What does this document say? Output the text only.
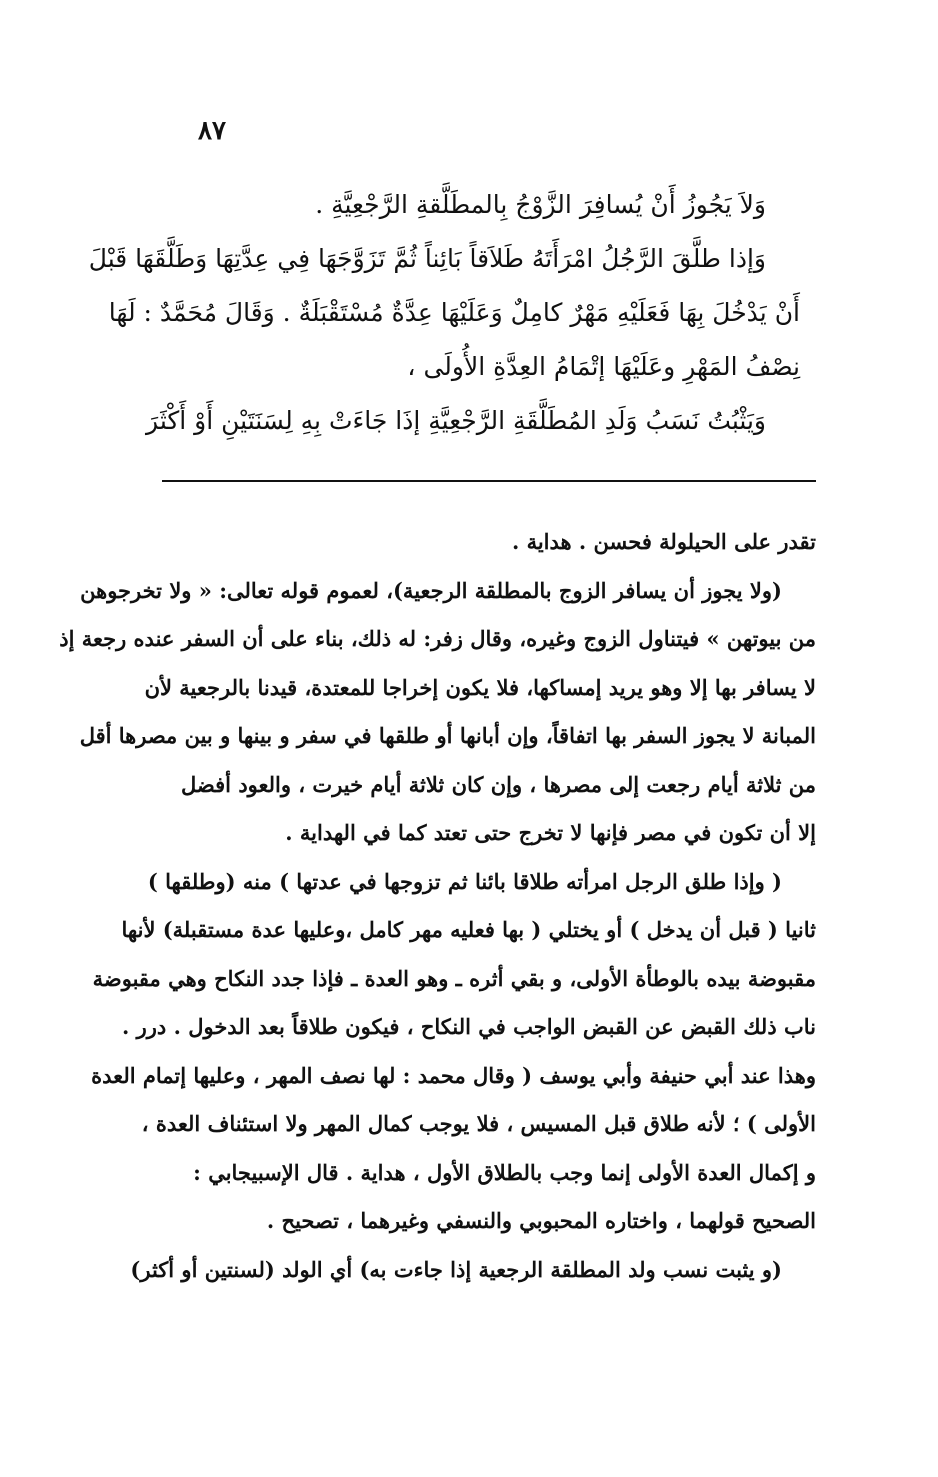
٨٧
وَلاَ يَجُوزُ أَنْ يُسافِرَ الزَّوْجُ بِالمطَلَّقةِ الرَّجْعِيَّةِ .
وَإذا طلَّقَ الرَّجُلُ امْرَأَتَهُ طَلاَقاً بَائِناً ثُمَّ تَزَوَّجَهَا فِي عِدَّتِهَا وَطَلَّقَهَا قَبْلَ
أَنْ يَدْخُلَ بِهَا فَعَلَيْهِ مَهْرٌ كامِلٌ وَعَلَيْهَا عِدَّةٌ مُسْتَقْبَلَةٌ . وَقَالَ مُحَمَّدٌ : لَهَا
نِصْفُ المَهْرِ وعَلَيْهَا إتْمَامُ العِدَّةِ الأُولَى ،
وَيَثْبُتُ نَسَبُ وَلَدِ المُطَلَّقَةِ الرَّجْعِيَّةِ إذَا جَاءَتْ بِهِ لِسَنَتَيْنِ أَوْ أَكْثَرَ
تقدر على الحيلولة فحسن . هداية .
(ولا يجوز أن يسافر الزوج بالمطلقة الرجعية)، لعموم قوله تعالى: « ولا تخرجوهن
من بيوتهن » فيتناول الزوج وغيره، وقال زفر: له ذلك، بناء على أن السفر عنده رجعة إذ
لا يسافر بها إلا وهو يريد إمساكها، فلا يكون إخراجا للمعتدة، قيدنا بالرجعية لأن
المبانة لا يجوز السفر بها اتفاقاً، وإن أبانها أو طلقها في سفر و بينها و بين مصرها أقل
من ثلاثة أيام رجعت إلى مصرها ، وإن كان ثلاثة أيام خيرت ، والعود أفضل
إلا أن تكون في مصر فإنها لا تخرج حتى تعتد كما في الهداية .
( وإذا طلق الرجل امرأته طلاقا بائنا ثم تزوجها في عدتها ) منه (وطلقها )
ثانيا ( قبل أن يدخل ) أو يختلي ( بها فعليه مهر كامل ،وعليها عدة مستقبلة) لأنها
مقبوضة بيده بالوطأة الأولى، و بقي أثره ـ وهو العدة ـ فإذا جدد النكاح وهي مقبوضة
ناب ذلك القبض عن القبض الواجب في النكاح ، فيكون طلاقاً بعد الدخول . درر .
وهذا عند أبي حنيفة وأبي يوسف ( وقال محمد : لها نصف المهر ، وعليها إتمام العدة
الأولى ) ؛ لأنه طلاق قبل المسيس ، فلا يوجب كمال المهر ولا استئناف العدة ،
و إكمال العدة الأولى إنما وجب بالطلاق الأول ، هداية . قال الإسبيجابي :
الصحيح قولهما ، واختاره المحبوبي والنسفي وغيرهما ، تصحيح .
(و يثبت نسب ولد المطلقة الرجعية إذا جاءت به) أي الولد (لسنتين أو أكثر)
